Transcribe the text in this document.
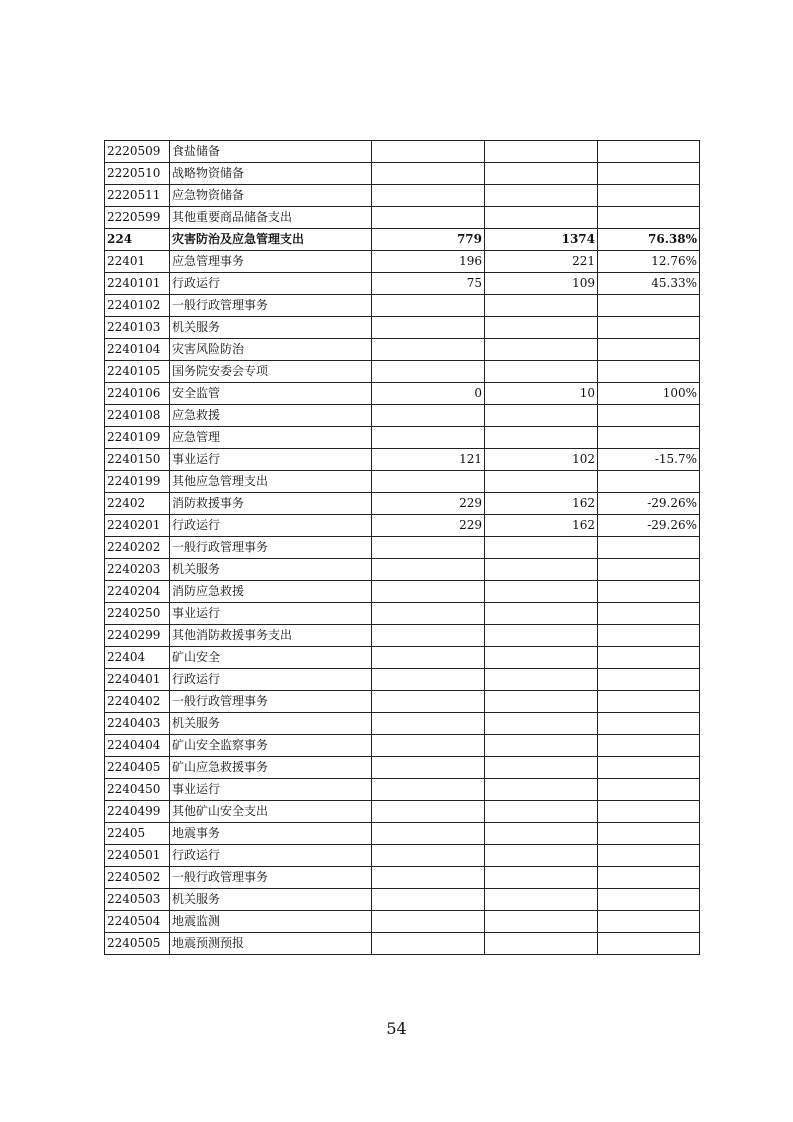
2220509	食盐储备			
2220510	战略物资储备			
2220511	应急物资储备			
2220599	其他重要商品储备支出			
224	灾害防治及应急管理支出	779	1374	76.38%
22401	应急管理事务	196	221	12.76%
2240101	行政运行	75	109	45.33%
2240102	一般行政管理事务			
2240103	机关服务			
2240104	灾害风险防治			
2240105	国务院安委会专项			
2240106	安全监管	0	10	100%
2240108	应急救援			
2240109	应急管理			
2240150	事业运行	121	102	-15.7%
2240199	其他应急管理支出			
22402	消防救援事务	229	162	-29.26%
2240201	行政运行	229	162	-29.26%
2240202	一般行政管理事务			
2240203	机关服务			
2240204	消防应急救援			
2240250	事业运行			
2240299	其他消防救援事务支出			
22404	矿山安全			
2240401	行政运行			
2240402	一般行政管理事务			
2240403	机关服务			
2240404	矿山安全监察事务			
2240405	矿山应急救援事务			
2240450	事业运行			
2240499	其他矿山安全支出			
22405	地震事务			
2240501	行政运行			
2240502	一般行政管理事务			
2240503	机关服务			
2240504	地震监测			
2240505	地震预测预报			
54
